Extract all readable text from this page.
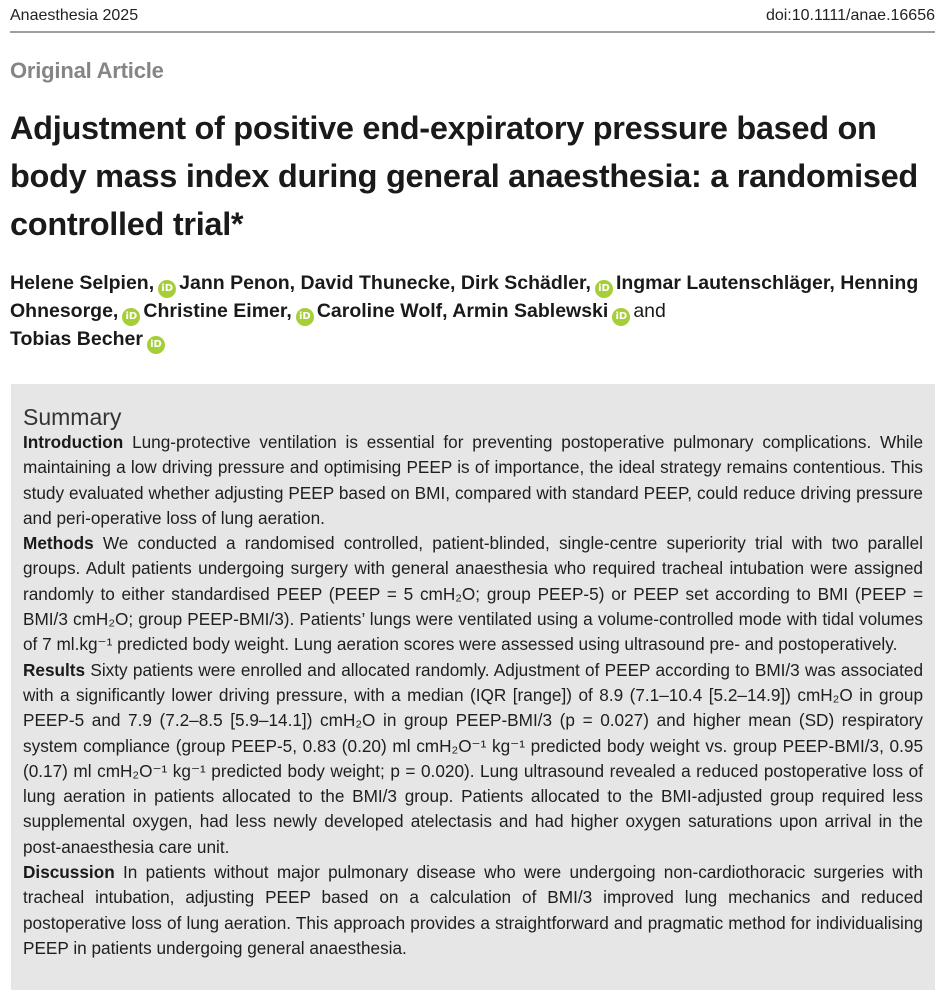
Anaesthesia 2025	doi:10.1111/anae.16656
Original Article
Adjustment of positive end-expiratory pressure based on body mass index during general anaesthesia: a randomised controlled trial*
Helene Selpien, iD Jann Penon, David Thunecke, Dirk Schädler, iD Ingmar Lautenschläger, Henning Ohnesorge, iD Christine Eimer, iD Caroline Wolf, Armin Sablewski iD and
Tobias Becher iD
Summary

Introduction Lung-protective ventilation is essential for preventing postoperative pulmonary complications. While maintaining a low driving pressure and optimising PEEP is of importance, the ideal strategy remains contentious. This study evaluated whether adjusting PEEP based on BMI, compared with standard PEEP, could reduce driving pressure and peri-operative loss of lung aeration.

Methods We conducted a randomised controlled, patient-blinded, single-centre superiority trial with two parallel groups. Adult patients undergoing surgery with general anaesthesia who required tracheal intubation were assigned randomly to either standardised PEEP (PEEP = 5 cmH₂O; group PEEP-5) or PEEP set according to BMI (PEEP = BMI/3 cmH₂O; group PEEP-BMI/3). Patients’ lungs were ventilated using a volume-controlled mode with tidal volumes of 7 ml.kg⁻¹ predicted body weight. Lung aeration scores were assessed using ultrasound pre- and postoperatively.

Results Sixty patients were enrolled and allocated randomly. Adjustment of PEEP according to BMI/3 was associated with a significantly lower driving pressure, with a median (IQR [range]) of 8.9 (7.1–10.4 [5.2–14.9]) cmH₂O in group PEEP-5 and 7.9 (7.2–8.5 [5.9–14.1]) cmH₂O in group PEEP-BMI/3 (p = 0.027) and higher mean (SD) respiratory system compliance (group PEEP-5, 0.83 (0.20) ml cmH₂O⁻¹ kg⁻¹ predicted body weight vs. group PEEP-BMI/3, 0.95 (0.17) ml cmH₂O⁻¹ kg⁻¹ predicted body weight; p = 0.020). Lung ultrasound revealed a reduced postoperative loss of lung aeration in patients allocated to the BMI/3 group. Patients allocated to the BMI-adjusted group required less supplemental oxygen, had less newly developed atelectasis and had higher oxygen saturations upon arrival in the post-anaesthesia care unit.

Discussion In patients without major pulmonary disease who were undergoing non-cardiothoracic surgeries with tracheal intubation, adjusting PEEP based on a calculation of BMI/3 improved lung mechanics and reduced postoperative loss of lung aeration. This approach provides a straightforward and pragmatic method for individualising PEEP in patients undergoing general anaesthesia.
